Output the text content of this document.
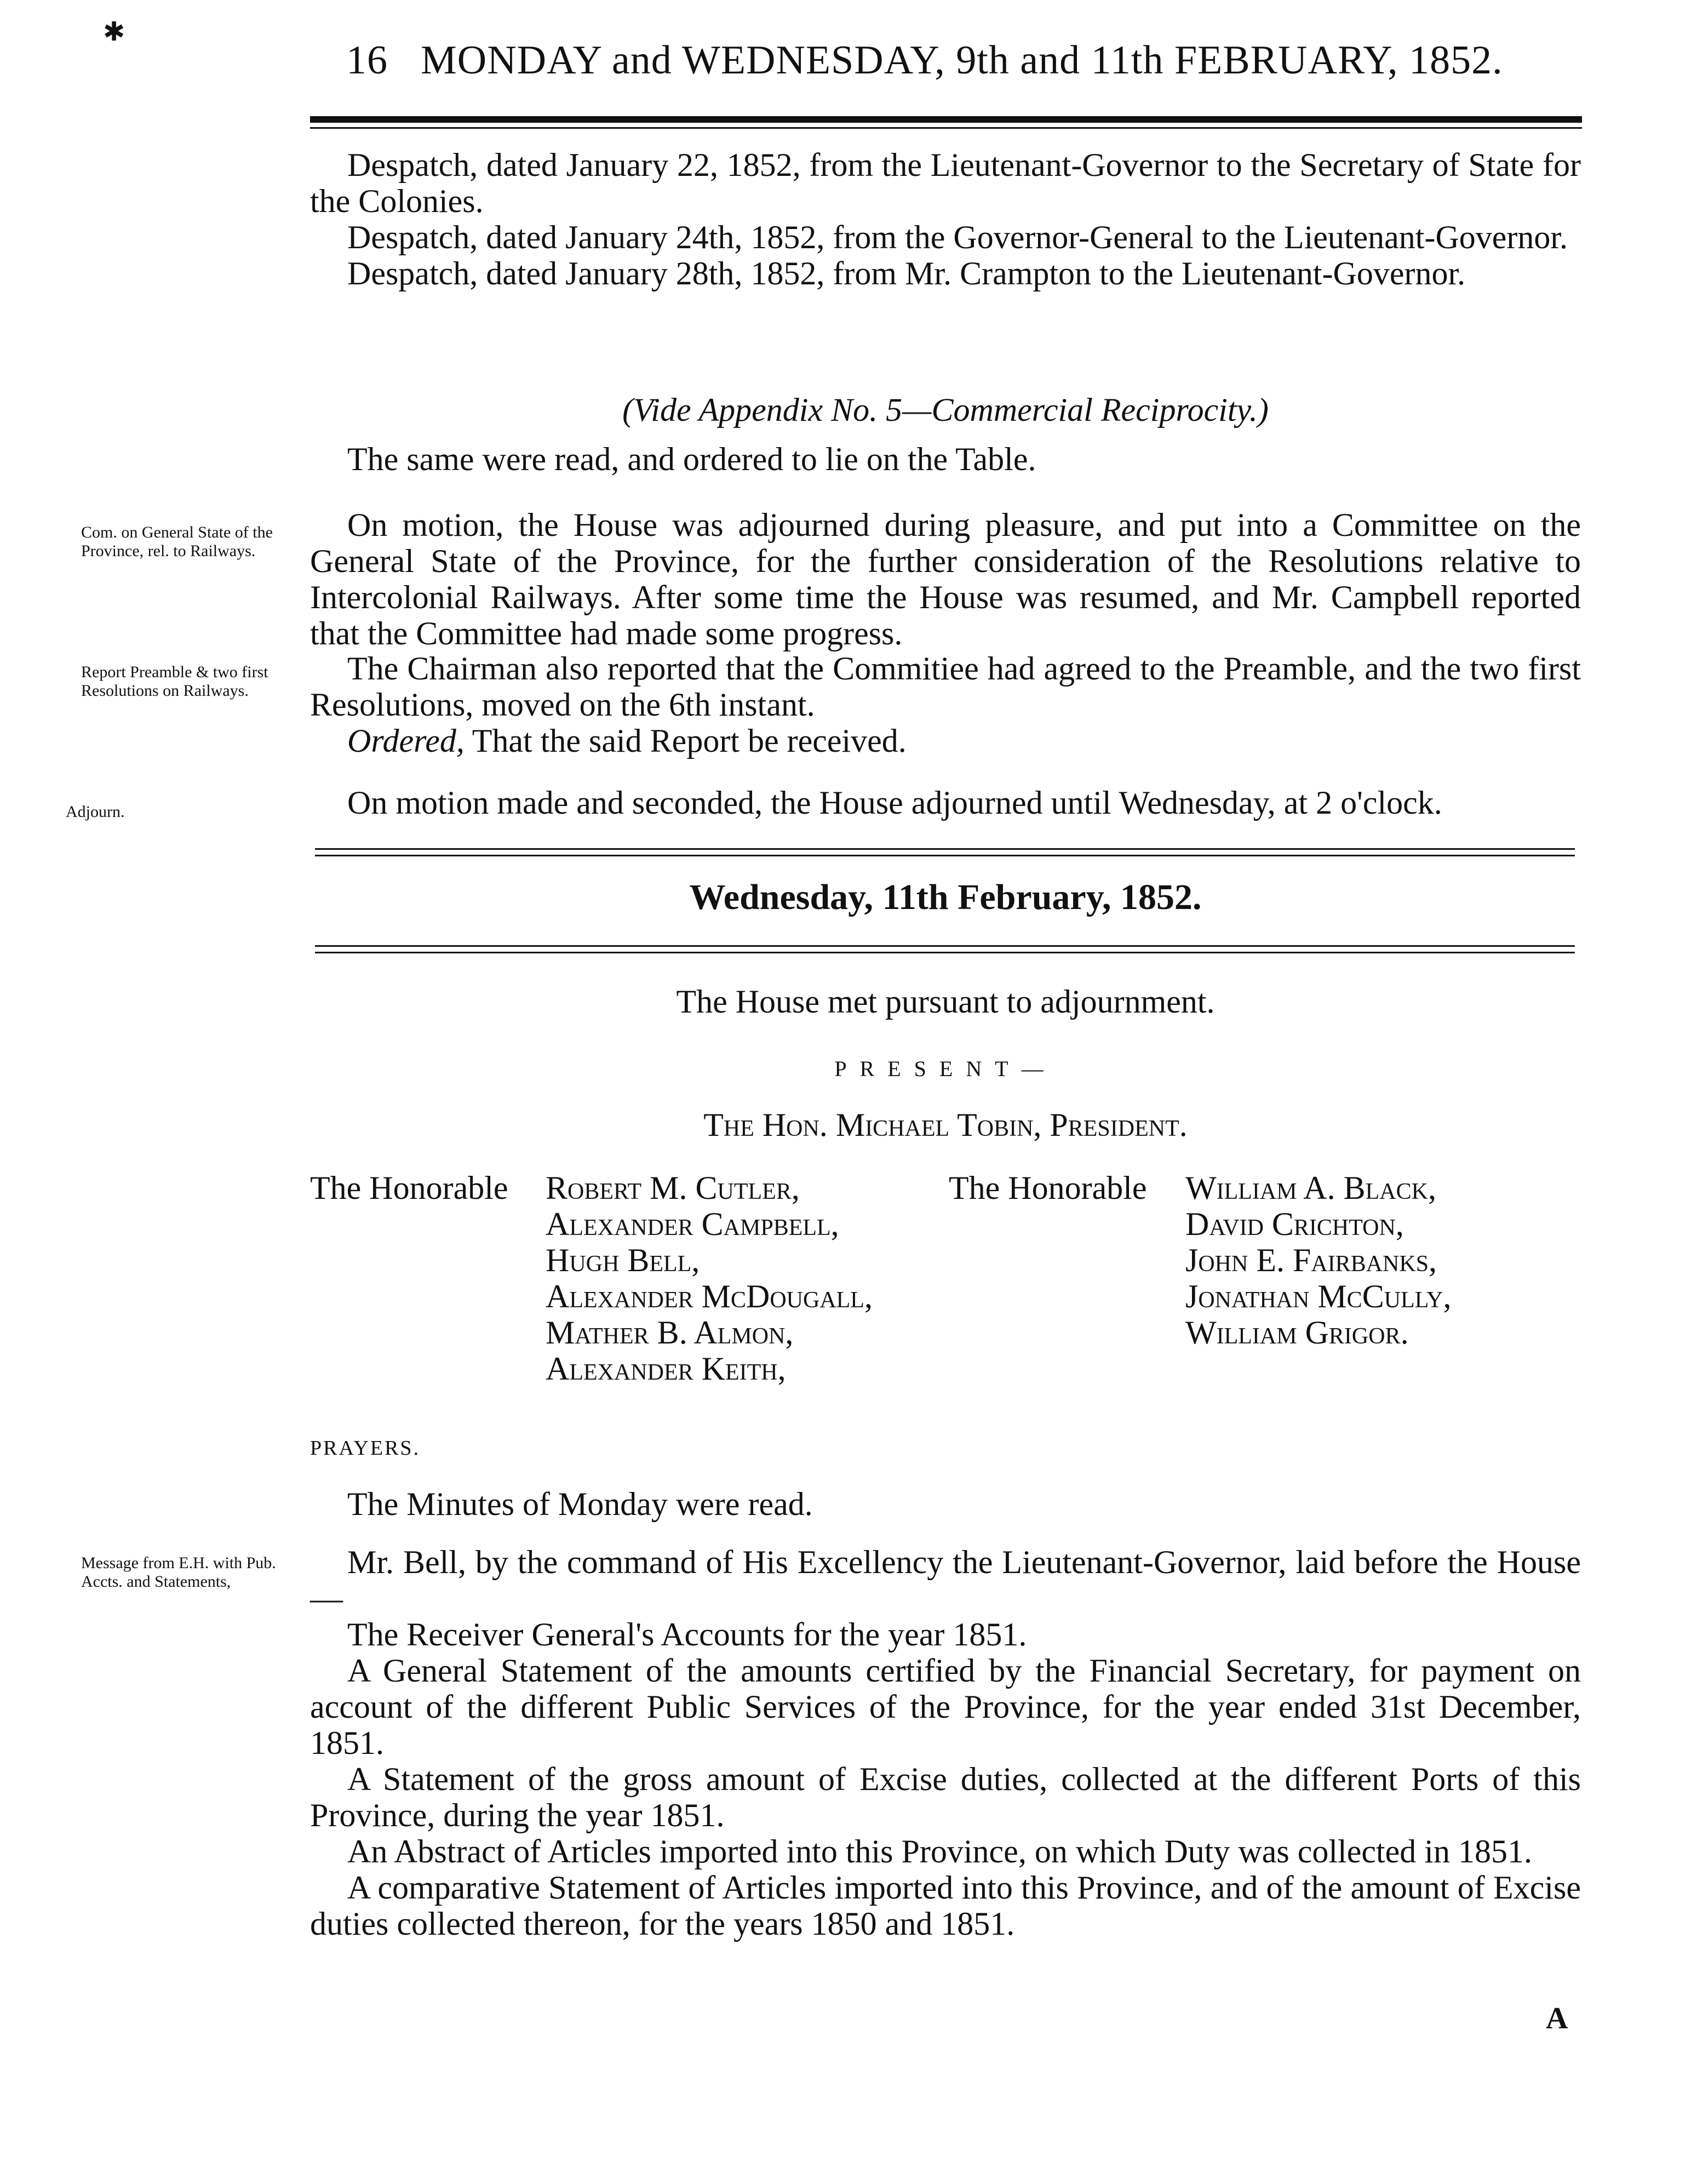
✱
16 MONDAY and WEDNESDAY, 9th and 11th FEBRUARY, 1852.

Despatch, dated January 22, 1852, from the Lieutenant-Governor to the Secretary of State for the Colonies.

Despatch, dated January 24th, 1852, from the Governor-General to the Lieutenant-Governor.

Despatch, dated January 28th, 1852, from Mr. Crampton to the Lieutenant-Governor.

(Vide Appendix No. 5—Commercial Reciprocity.)

The same were read, and ordered to lie on the Table.

Com. on General State of the Province, rel. to Railways.

On motion, the House was adjourned during pleasure, and put into a Committee on the General State of the Province, for the further consideration of the Resolutions relative to Intercolonial Railways. After some time the House was resumed, and Mr. Campbell reported that the Committee had made some progress.

Report Preamble & two first Resolutions on Railways.

The Chairman also reported that the Commitiee had agreed to the Preamble, and the two first Resolutions, moved on the 6th instant.

Ordered, That the said Report be received.

Adjourn.	On motion made and seconded, the House adjourned until Wednesday, at 2 o'clock.

Wednesday, 11th February, 1852.
The House met pursuant to adjournment.
PRESENT—
The Hon. Michael Tobin, President.
The Honorable Robert M. Cutler,
Alexander Campbell,
Hugh Bell,
Alexander McDougall,
Mather B. Almon,
Alexander Keith,
The Honorable William A. Black,
David Crichton,
John E. Fairbanks,
Jonathan McCully,
William Grigor.
PRAYERS.

The Minutes of Monday were read.

Message from E.H. with Pub. Accts. and Statements,

Mr. Bell, by the command of His Excellency the Lieutenant-Governor, laid before the House—

The Receiver General's Accounts for the year 1851.

A General Statement of the amounts certified by the Financial Secretary, for payment on account of the different Public Services of the Province, for the year ended 31st December, 1851.

A Statement of the gross amount of Excise duties, collected at the different Ports of this Province, during the year 1851.

An Abstract of Articles imported into this Province, on which Duty was collected in 1851.

A comparative Statement of Articles imported into this Province, and of the amount of Excise duties collected thereon, for the years 1850 and 1851.

A
